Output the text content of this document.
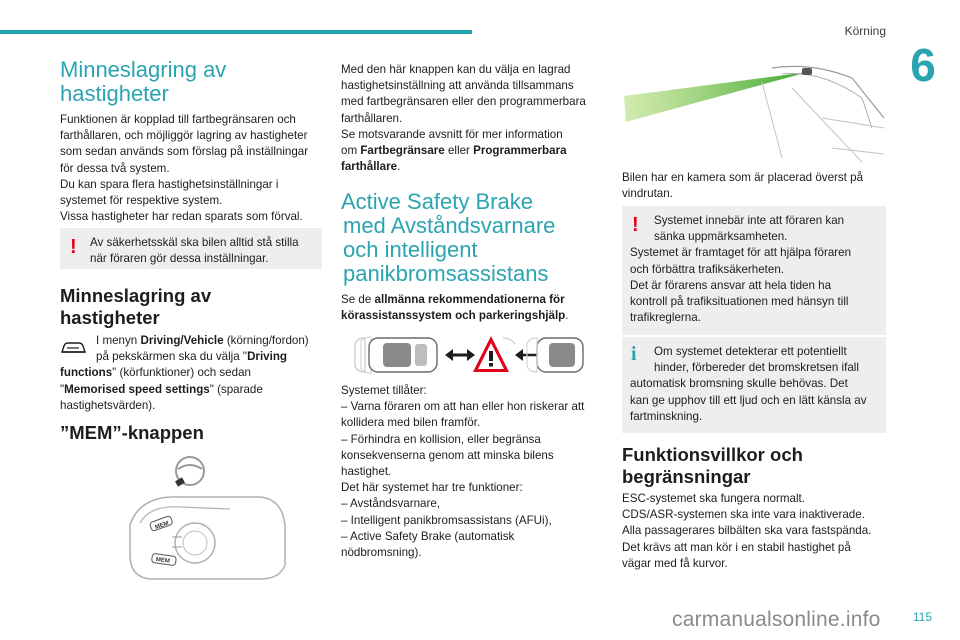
Körning
6
Minneslagring av hastigheter

Funktionen är kopplad till fartbegränsaren och

farthållaren, och möjliggör lagring av hastigheter

som sedan används som förslag på inställningar

för dessa två system.

Du kan spara flera hastighetsinställningar i

systemet för respektive system.

Vissa hastigheter har redan sparats som förval.

! Av säkerhetsskäl ska bilen alltid stå stilla

när föraren gör dessa inställningar.

Minneslagring av
hastigheter

I menyn Driving/Vehicle (körning/fordon)

på pekskärmen ska du välja "Driving

functions" (körfunktioner) och sedan

"Memorised speed settings" (sparade

hastighetsvärden).

”MEM”-knappen
MEM
MEM

Med den här knappen kan du välja en lagrad

hastighetsinställning att använda tillsammans

med fartbegränsaren eller den programmerbara

farthållaren.

Se motsvarande avsnitt för mer information

om Fartbegränsare eller Programmerbara

farthållare.

Active Safety Brake
med Avståndsvarnare
och intelligent
panikbromsassistans

Se de allmänna rekommendationerna för

körassistanssystem och parkeringshjälp.

Systemet tillåter:

– Varna föraren om att han eller hon riskerar att

kollidera med bilen framför.

– Förhindra en kollision, eller begränsa

konsekvenserna genom att minska bilens

hastighet.

Det här systemet har tre funktioner:

– Avståndsvarnare,

– Intelligent panikbromsassistans (AFUi),

– Active Safety Brake (automatisk

nödbromsning).

Bilen har en kamera som är placerad överst på

vindrutan.

!	Systemet innebär inte att föraren kan

sänka uppmärksamheten.

Systemet är framtaget för att hjälpa föraren

och förbättra trafiksäkerheten.

Det är förarens ansvar att hela tiden ha

kontroll på trafiksituationen med hänsyn till

trafikreglerna.

i	Om systemet detekterar ett potentiellt

hinder, förbereder det bromskretsen ifall

automatisk bromsning skulle behövas. Det

kan ge upphov till ett ljud och en lätt känsla av

fartminskning.

Funktionsvillkor och
begränsningar

ESC-systemet ska fungera normalt.

CDS/ASR-systemen ska inte vara inaktiverade.

Alla passagerares bilbälten ska vara fastspända.

Det krävs att man kör i en stabil hastighet på

vägar med få kurvor.

carmanualsonline.info	115
